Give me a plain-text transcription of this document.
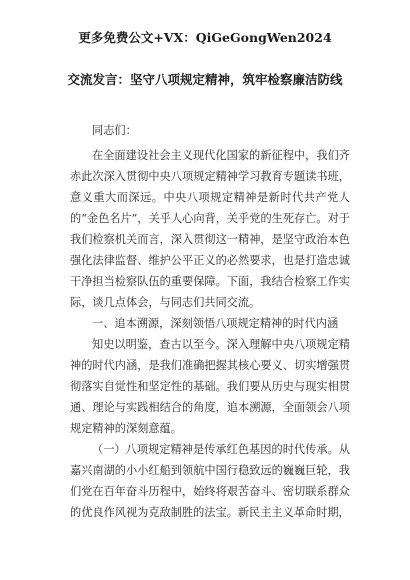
更多免费公文+VX：QiGeGongWen2024
交流发言：坚守八项规定精神，筑牢检察廉洁防线

同志们：

在全面建设社会主义现代化国家的新征程中，我们齐赤此次深入贯彻中央八项规定精神学习教育专题读书班，意义重大而深远。中央八项规定精神是新时代共产党人的“金色名片”，关乎人心向背，关乎党的生死存亡。对于我们检察机关而言，深入贯彻这一精神，是坚守政治本色强化法律监督、维护公平正义的必然要求，也是打造忠诚干净担当检察队伍的重要保障。下面，我结合检察工作实际，谈几点体会，与同志们共同交流。

一、追本溯源，深刻领悟八项规定精神的时代内涵

知史以明鉴，查古以至今。深入理解中央八项规定精神的时代内涵，是我们准确把握其核心要义、切实增强贯彻落实自觉性和坚定性的基础。我们要从历史与现实相贯通、理论与实践相结合的角度，追本溯源，全面领会八项规定精神的深刻意蕴。

（一）八项规定精神是传承红色基因的时代传承。从嘉兴南湖的小小红船到领航中国行稳致远的巍巍巨轮，我们党在百年奋斗历程中，始终将艰苦奋斗、密切联系群众的优良作风视为克敌制胜的法宝。新民主主义革命时期，
